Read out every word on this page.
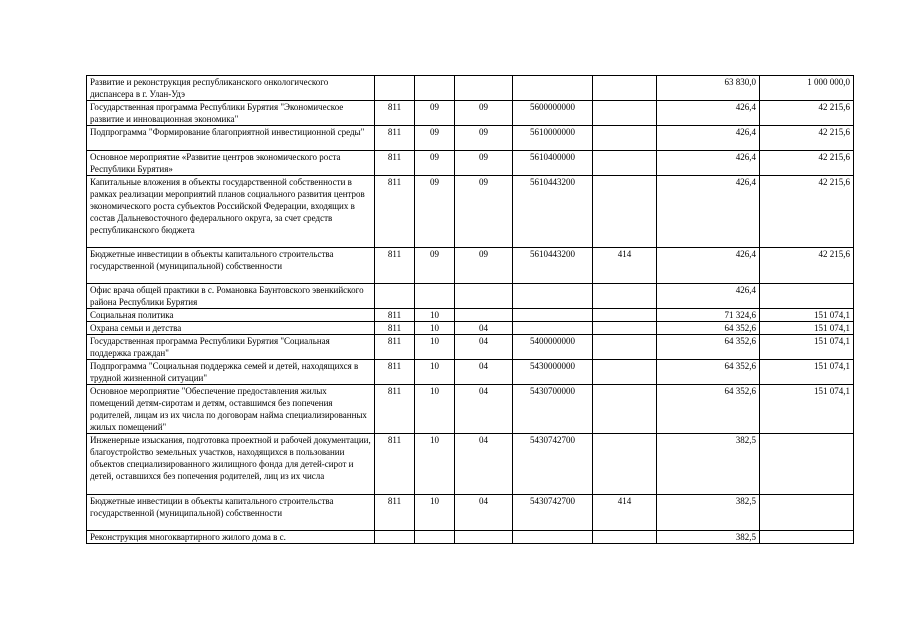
Развитие и реконструкция республиканского онкологического диспансера в г. Улан-Удэ						63 830,0	1 000 000,0
Государственная программа Республики Бурятия "Экономическое развитие и инновационная экономика"	811	09	09	5600000000		426,4	42 215,6
Подпрограмма "Формирование благоприятной инвестиционной среды"	811	09	09	5610000000		426,4	42 215,6
Основное мероприятие «Развитие центров экономического роста Республики Бурятия»	811	09	09	5610400000		426,4	42 215,6
Капитальные вложения в объекты государственной собственности в рамках реализации мероприятий планов социального развития центров экономического роста субъектов Российской Федерации, входящих в состав Дальневосточного федерального округа, за счет средств республиканского бюджета	811	09	09	5610443200		426,4	42 215,6
Бюджетные инвестиции в объекты капитального строительства государственной (муниципальной) собственности	811	09	09	5610443200	414	426,4	42 215,6
Офис врача общей практики в с. Романовка Баунтовского эвенкийского района Республики Бурятия						426,4	
Социальная политика	811	10				71 324,6	151 074,1
Охрана семьи и детства	811	10	04			64 352,6	151 074,1
Государственная программа Республики Бурятия "Социальная поддержка граждан"	811	10	04	5400000000		64 352,6	151 074,1
Подпрограмма "Социальная поддержка семей и детей, находящихся в трудной жизненной ситуации"	811	10	04	5430000000		64 352,6	151 074,1
Основное мероприятие "Обеспечение предоставления жилых помещений детям-сиротам и детям, оставшимся без попечения родителей, лицам из их числа по договорам найма специализированных жилых помещений"	811	10	04	5430700000		64 352,6	151 074,1
Инженерные изыскания, подготовка проектной и рабочей документации, благоустройство земельных участков, находящихся в пользовании объектов специализированного жилищного фонда для детей-сирот и детей, оставшихся без попечения родителей, лиц из их числа	811	10	04	5430742700		382,5	
Бюджетные инвестиции в объекты капитального строительства государственной (муниципальной) собственности	811	10	04	5430742700	414	382,5	
Реконструкция многоквартирного жилого дома в с.						382,5	
